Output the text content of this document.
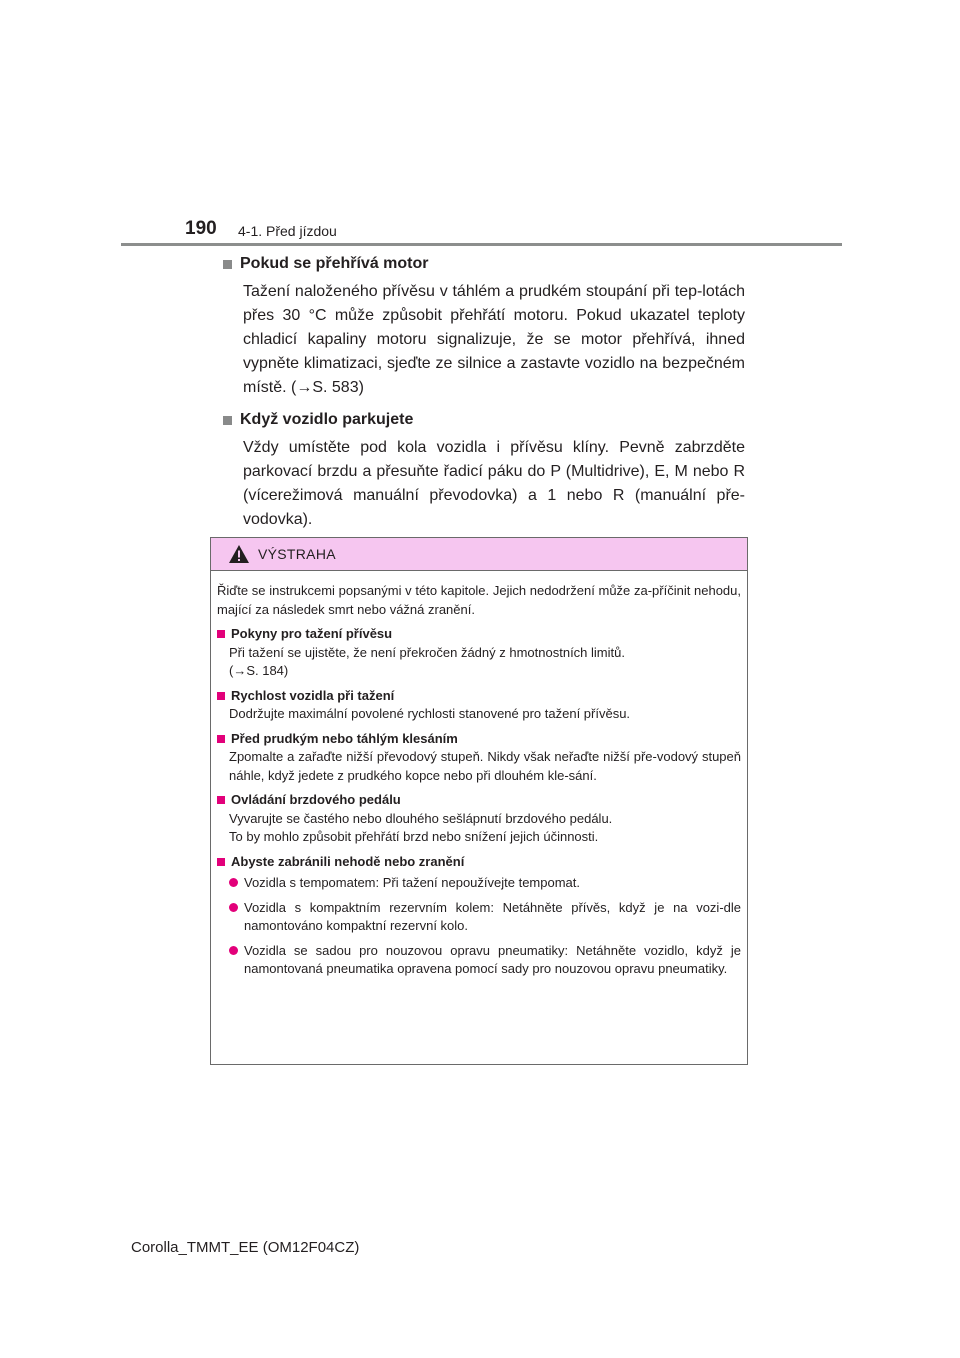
190 4-1. Před jízdou
Pokud se přehřívá motor
Tažení naloženého přívěsu v táhlém a prudkém stoupání při tep-lotách přes 30 °C může způsobit přehřátí motoru. Pokud ukazatel teploty chladicí kapaliny motoru signalizuje, že se motor přehřívá, ihned vypněte klimatizaci, sjeďte ze silnice a zastavte vozidlo na bezpečném místě. (→S. 583)
Když vozidlo parkujete
Vždy umístěte pod kola vozidla i přívěsu klíny. Pevně zabrzděte parkovací brzdu a přesuňte řadicí páku do P (Multidrive), E, M nebo R (vícerežimová manuální převodovka) a 1 nebo R (manuální pře-vodovka).
VÝSTRAHA
Řiďte se instrukcemi popsanými v této kapitole. Jejich nedodržení může za-příčinit nehodu, mající za následek smrt nebo vážná zranění.
Pokyny pro tažení přívěsu
Při tažení se ujistěte, že není překročen žádný z hmotnostních limitů.
(→S. 184)
Rychlost vozidla při tažení
Dodržujte maximální povolené rychlosti stanovené pro tažení přívěsu.
Před prudkým nebo táhlým klesáním
Zpomalte a zařaďte nižší převodový stupeň. Nikdy však neřaďte nižší pře-vodový stupeň náhle, když jedete z prudkého kopce nebo při dlouhém kle-sání.
Ovládání brzdového pedálu
Vyvarujte se častého nebo dlouhého sešlápnutí brzdového pedálu.
To by mohlo způsobit přehřátí brzd nebo snížení jejich účinnosti.
Abyste zabránili nehodě nebo zranění
Vozidla s tempomatem: Při tažení nepoužívejte tempomat.
Vozidla s kompaktním rezervním kolem: Netáhněte přívěs, když je na vozi-dle namontováno kompaktní rezervní kolo.
Vozidla se sadou pro nouzovou opravu pneumatiky: Netáhněte vozidlo, když je namontovaná pneumatika opravena pomocí sady pro nouzovou opravu pneumatiky.
Corolla_TMMT_EE (OM12F04CZ)
